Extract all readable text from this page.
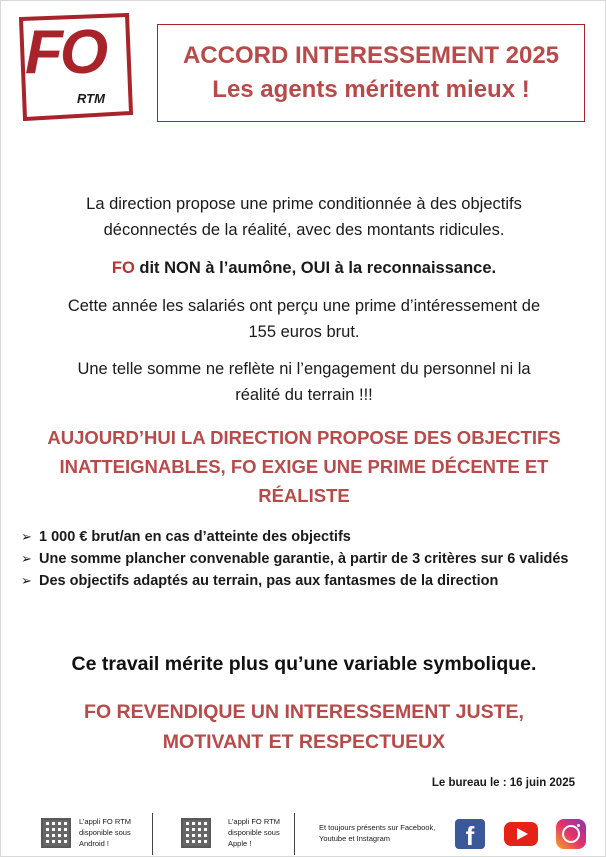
FO
RTM
ACCORD INTERESSEMENT 2025
Les agents méritent mieux !
La direction propose une prime conditionnée à des objectifs
déconnectés de la réalité, avec des montants ridicules.
FO dit NON à l’aumône, OUI à la reconnaissance.
Cette année les salariés ont perçu une prime d’intéressement de
155 euros brut.
Une telle somme ne reflète ni l’engagement du personnel ni la
réalité du terrain !!!
AUJOURD’HUI LA DIRECTION PROPOSE DES OBJECTIFS
INATTEIGNABLES, FO EXIGE UNE PRIME DÉCENTE ET
RÉALISTE
➢ 1 000 € brut/an en cas d’atteinte des objectifs
➢ Une somme plancher convenable garantie, à partir de 3 critères sur 6 validés
➢ Des objectifs adaptés au terrain, pas aux fantasmes de la direction
Ce travail mérite plus qu’une variable symbolique.
FO REVENDIQUE UN INTERESSEMENT JUSTE,
MOTIVANT ET RESPECTUEUX
Le bureau le : 16 juin 2025
L’appli FO RTM
disponible sous
Android !
L’appli FO RTM
disponible sous
Apple !
Et toujours présents sur Facebook,
Youtube et Instagram	f
